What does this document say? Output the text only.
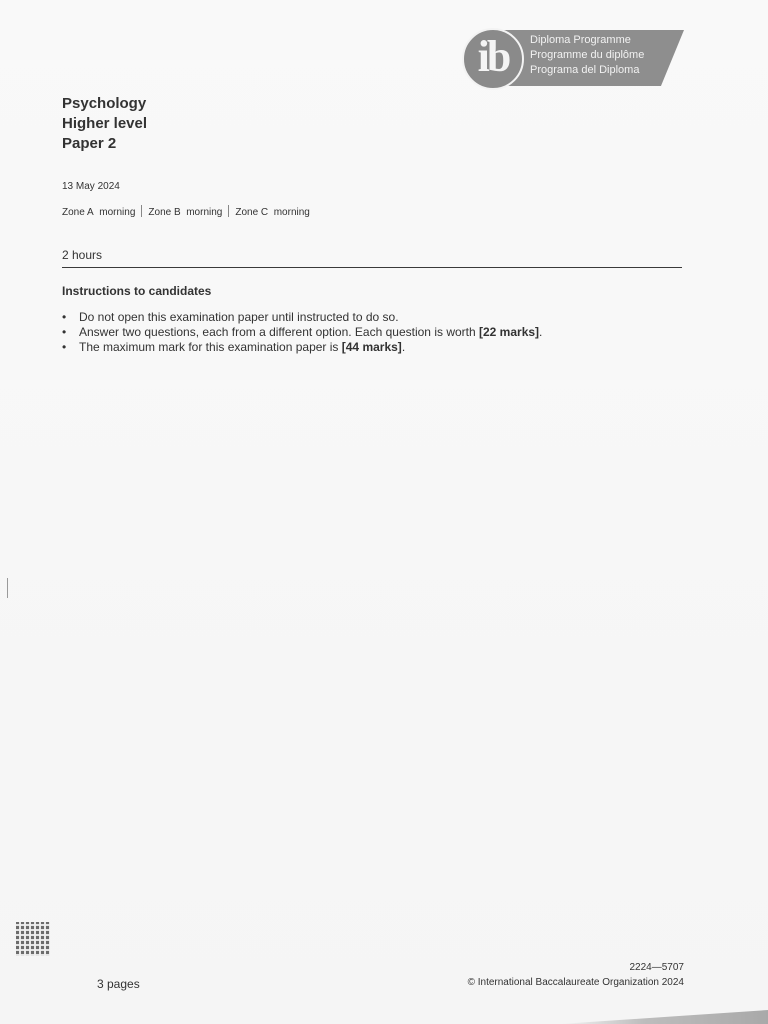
ib	Diploma Programme
Programme du diplôme
Programa del Diploma
Psychology
Higher level
Paper 2
13 May 2024
Zone A morning Zone B morning Zone C morning
2 hours
Instructions to candidates
• Do not open this examination paper until instructed to do so.
• Answer two questions, each from a different option. Each question is worth [22 marks].
• The maximum mark for this examination paper is [44 marks].
3 pages
2224—5707
© International Baccalaureate Organization 2024
